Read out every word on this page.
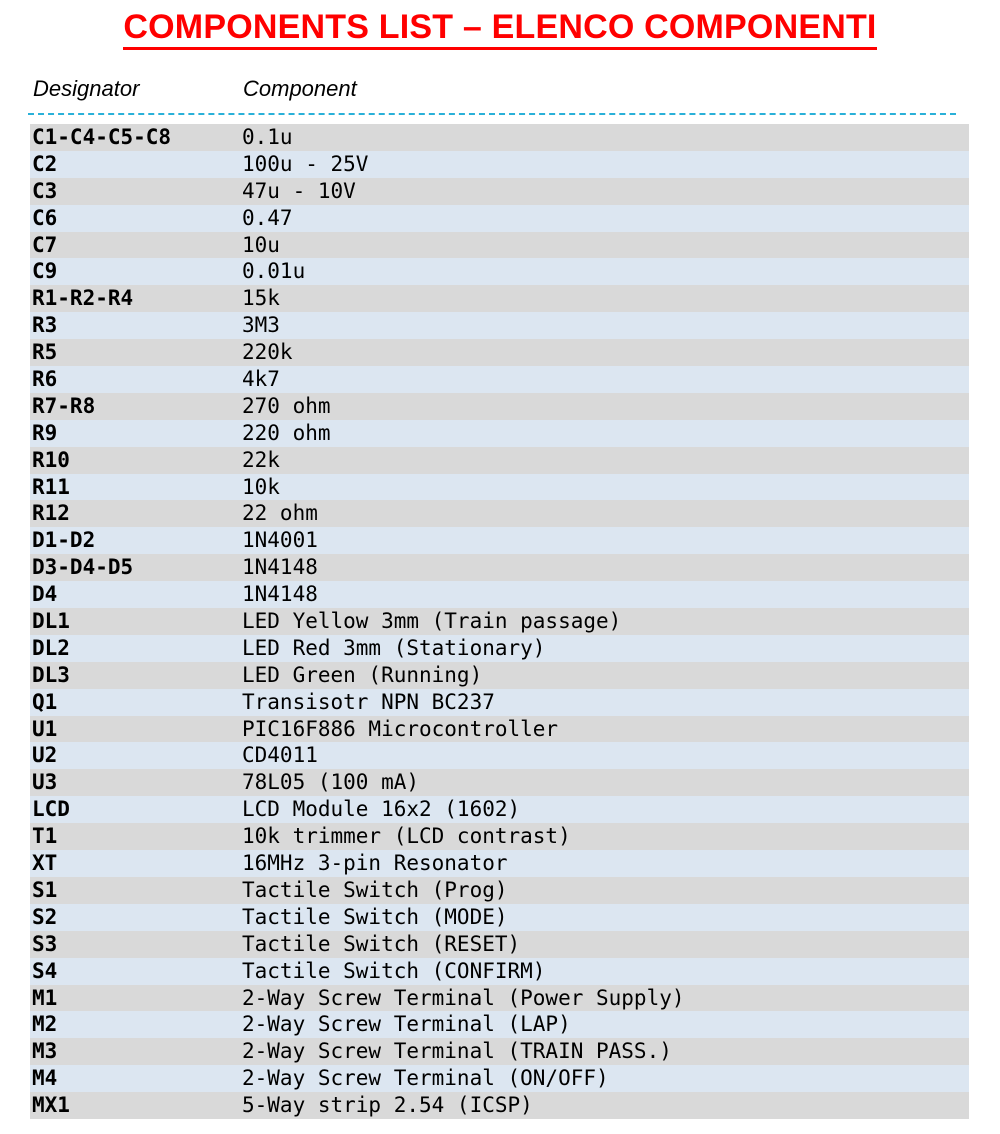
COMPONENTS LIST – ELENCO COMPONENTI
Designator	Component
C1-C4-C5-C8	0.1u
C2	100u - 25V
C3	47u - 10V
C6	0.47
C7	10u
C9	0.01u
R1-R2-R4	15k
R3	3M3
R5	220k
R6	4k7
R7-R8	270 ohm
R9	220 ohm
R10	22k
R11	10k
R12	22 ohm
D1-D2	1N4001
D3-D4-D5	1N4148
D4	1N4148
DL1	LED Yellow 3mm (Train passage)
DL2	LED Red 3mm (Stationary)
DL3	LED Green (Running)
Q1	Transisotr NPN BC237
U1	PIC16F886 Microcontroller
U2	CD4011
U3	78L05 (100 mA)
LCD	LCD Module 16x2 (1602)
T1	10k trimmer (LCD contrast)
XT	16MHz 3-pin Resonator
S1	Tactile Switch (Prog)
S2	Tactile Switch (MODE)
S3	Tactile Switch (RESET)
S4	Tactile Switch (CONFIRM)
M1	2-Way Screw Terminal (Power Supply)
M2	2-Way Screw Terminal (LAP)
M3	2-Way Screw Terminal (TRAIN PASS.)
M4	2-Way Screw Terminal (ON/OFF)
MX1	5-Way strip 2.54 (ICSP)
